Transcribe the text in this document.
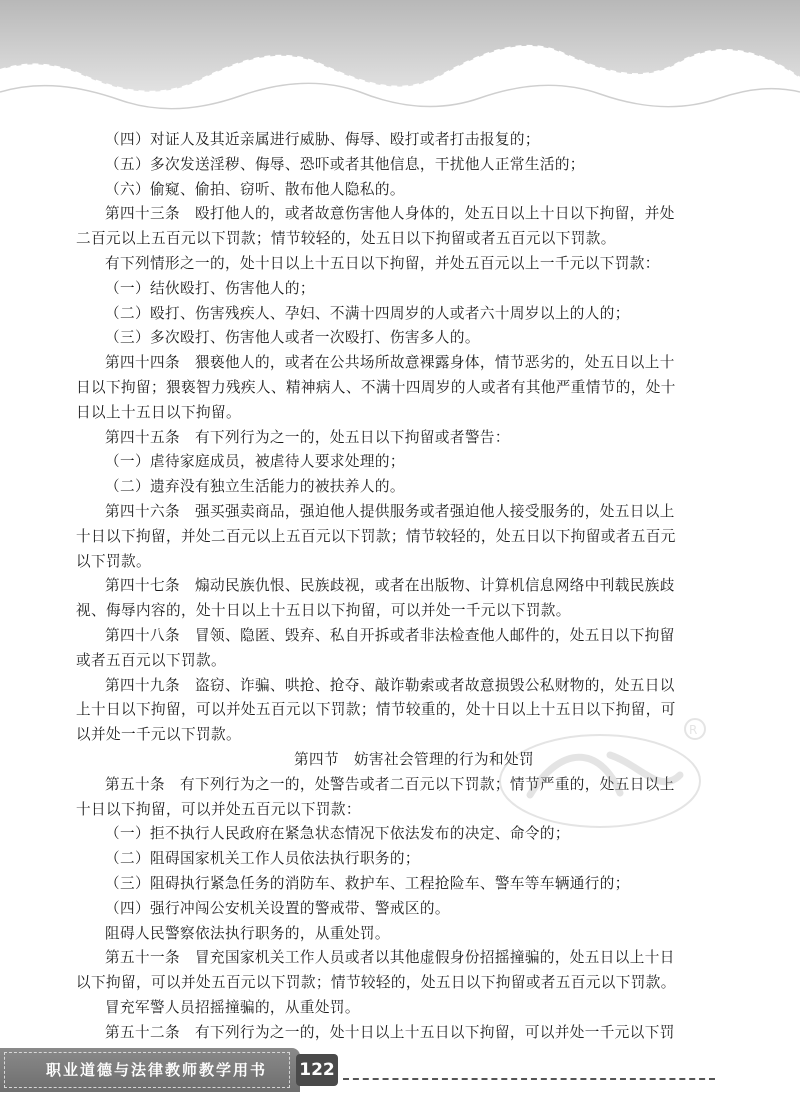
（四）对证人及其近亲属进行威胁、侮辱、殴打或者打击报复的；
（五）多次发送淫秽、侮辱、恐吓或者其他信息，干扰他人正常生活的；
（六）偷窥、偷拍、窃听、散布他人隐私的。
第四十三条　殴打他人的，或者故意伤害他人身体的，处五日以上十日以下拘留，并处
二百元以上五百元以下罚款；情节较轻的，处五日以下拘留或者五百元以下罚款。
有下列情形之一的，处十日以上十五日以下拘留，并处五百元以上一千元以下罚款：
（一）结伙殴打、伤害他人的；
（二）殴打、伤害残疾人、孕妇、不满十四周岁的人或者六十周岁以上的人的；
（三）多次殴打、伤害他人或者一次殴打、伤害多人的。
第四十四条　猥亵他人的，或者在公共场所故意裸露身体，情节恶劣的，处五日以上十
日以下拘留；猥亵智力残疾人、精神病人、不满十四周岁的人或者有其他严重情节的，处十
日以上十五日以下拘留。
第四十五条　有下列行为之一的，处五日以下拘留或者警告：
（一）虐待家庭成员，被虐待人要求处理的；
（二）遗弃没有独立生活能力的被扶养人的。
第四十六条　强买强卖商品，强迫他人提供服务或者强迫他人接受服务的，处五日以上
十日以下拘留，并处二百元以上五百元以下罚款；情节较轻的，处五日以下拘留或者五百元
以下罚款。
第四十七条　煽动民族仇恨、民族歧视，或者在出版物、计算机信息网络中刊载民族歧
视、侮辱内容的，处十日以上十五日以下拘留，可以并处一千元以下罚款。
第四十八条　冒领、隐匿、毁弃、私自开拆或者非法检查他人邮件的，处五日以下拘留
或者五百元以下罚款。
第四十九条　盗窃、诈骗、哄抢、抢夺、敲诈勒索或者故意损毁公私财物的，处五日以
上十日以下拘留，可以并处五百元以下罚款；情节较重的，处十日以上十五日以下拘留，可
以并处一千元以下罚款。
第四节　妨害社会管理的行为和处罚
第五十条　有下列行为之一的，处警告或者二百元以下罚款；情节严重的，处五日以上
十日以下拘留，可以并处五百元以下罚款：
（一）拒不执行人民政府在紧急状态情况下依法发布的决定、命令的；
（二）阻碍国家机关工作人员依法执行职务的；
（三）阻碍执行紧急任务的消防车、救护车、工程抢险车、警车等车辆通行的；
（四）强行冲闯公安机关设置的警戒带、警戒区的。
阻碍人民警察依法执行职务的，从重处罚。
第五十一条　冒充国家机关工作人员或者以其他虚假身份招摇撞骗的，处五日以上十日
以下拘留，可以并处五百元以下罚款；情节较轻的，处五日以下拘留或者五百元以下罚款。
冒充军警人员招摇撞骗的，从重处罚。
第五十二条　有下列行为之一的，处十日以上十五日以下拘留，可以并处一千元以下罚
R
职业道德与法律教师教学用书 122
